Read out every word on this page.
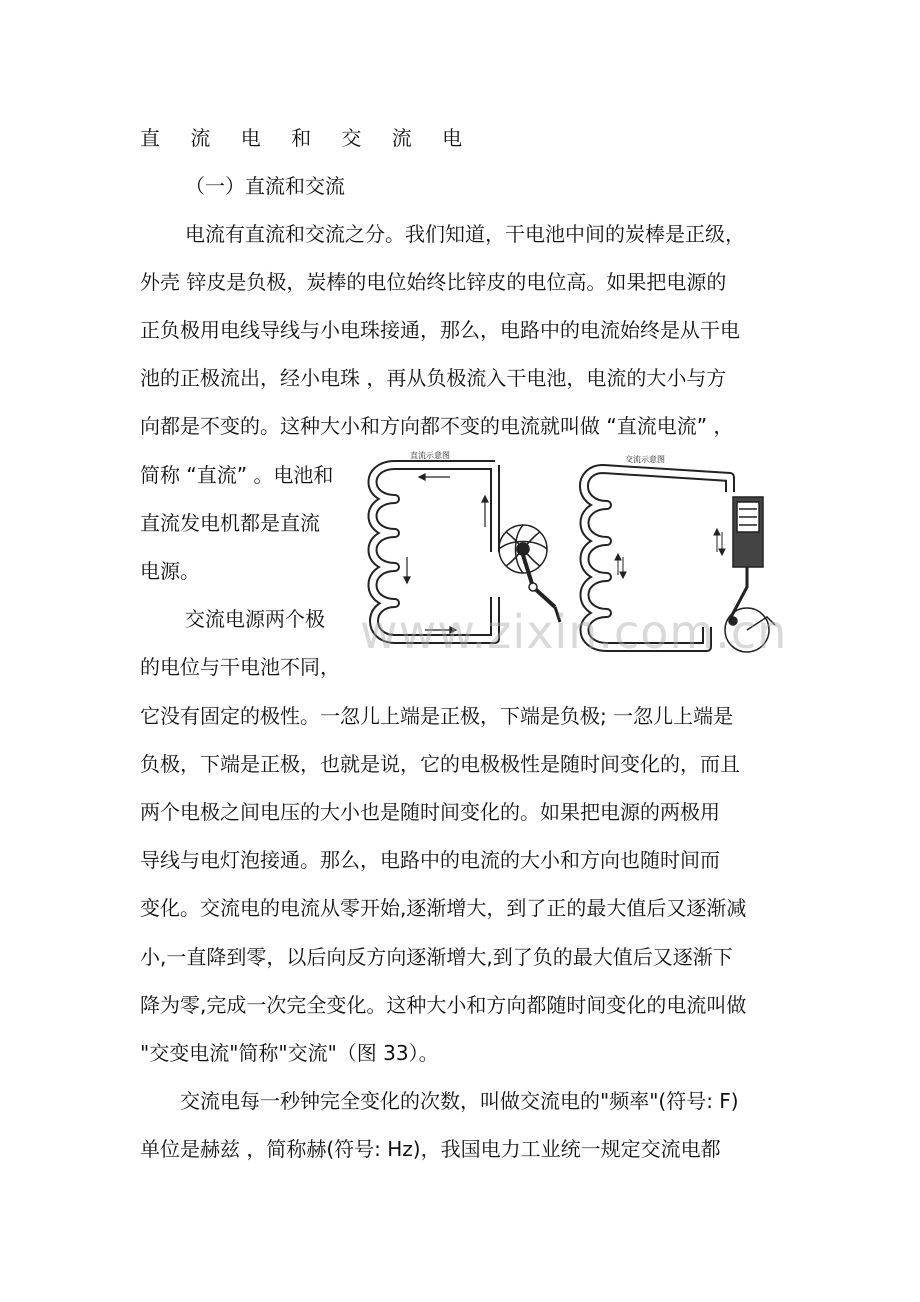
直 流 电 和 交 流 电
（一）直流和交流
电流有直流和交流之分。我们知道，干电池中间的炭棒是正级，
外壳 锌皮是负极，炭棒的电位始终比锌皮的电位高。如果把电源的
正负极用电线导线与小电珠接通，那么，电路中的电流始终是从干电
池的正极流出，经小电珠 ，再从负极流入干电池，电流的大小与方
向都是不变的。这种大小和方向都不变的电流就叫做 “直流电流” ，
简称 “直流” 。电池和
直流发电机都是直流
电源。
交流电源两个极
的电位与干电池不同，
它没有固定的极性。一忽儿上端是正极，下端是负极; 一忽儿上端是
负极，下端是正极，也就是说，它的电极极性是随时间变化的，而且
两个电极之间电压的大小也是随时间变化的。如果把电源的两极用
导线与电灯泡接通。那么，电路中的电流的大小和方向也随时间而
变化。交流电的电流从零开始,逐渐增大，到了正的最大值后又逐渐减
小,一直降到零，以后向反方向逐渐增大,到了负的最大值后又逐渐下
降为零,完成一次完全变化。这种大小和方向都随时间变化的电流叫做
"交变电流"简称"交流"（图 33）。
交流电每一秒钟完全变化的次数，叫做交流电的"频率"(符号: F)
单位是赫兹 ，简称赫(符号: Hz)，我国电力工业统一规定交流电都
直流示意图	交流示意图
www.zixin.com.cn
